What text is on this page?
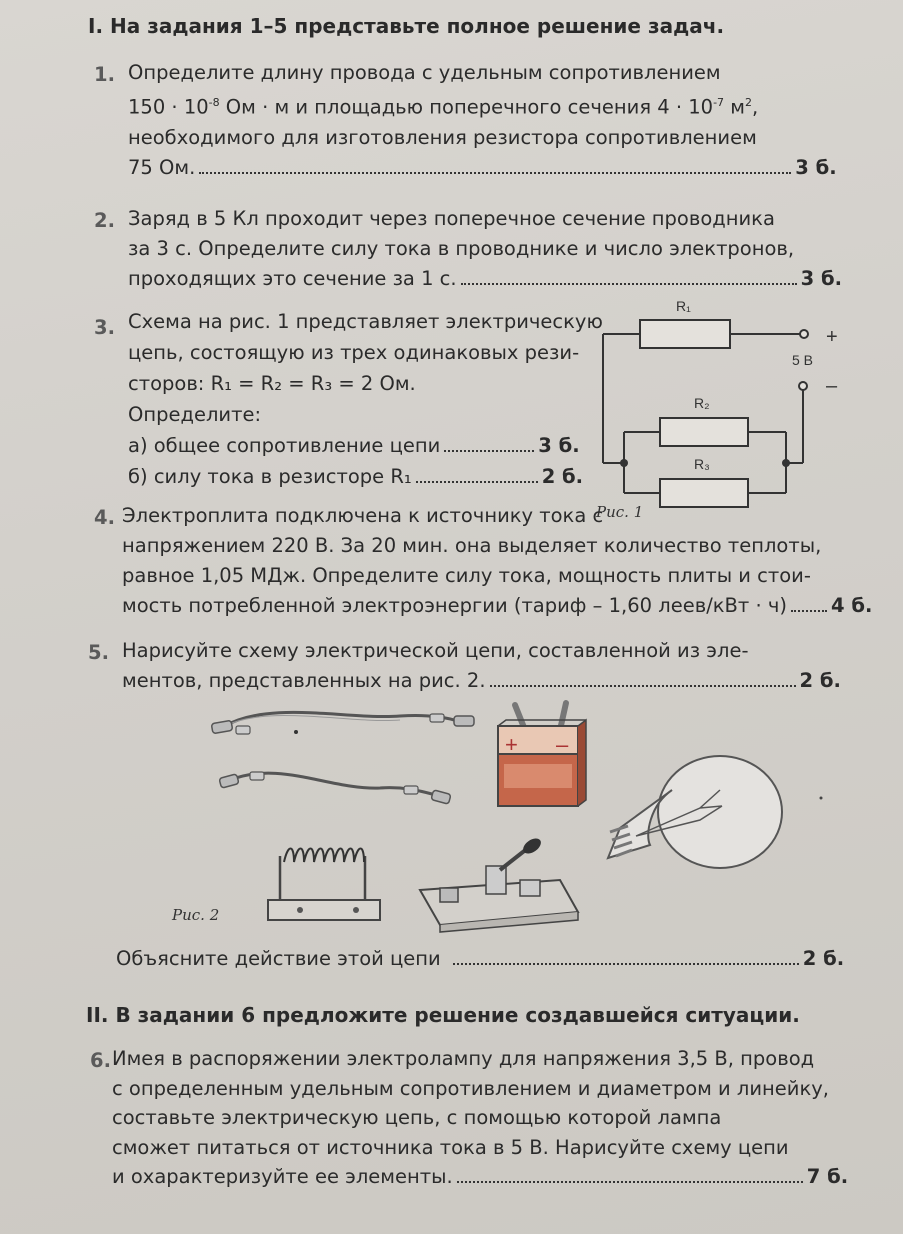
I. На задания 1–5 представьте полное решение задач.
1. Определите длину провода с удельным сопротивлением
$150 \cdot 10^{-8}$ Ом · м и площадью поперечного сечения $4 \cdot 10^{-7}$ $м^2$,
необходимого для изготовления резистора сопротивлением
75 Ом.	3 б.
2. Заряд в 5 Кл проходит через поперечное сечение проводника
за 3 с. Определите силу тока в проводнике и число электронов,
проходящих это сечение за 1 с.	3 б.
3. Схема на рис. 1 представляет электрическую
цепь, состоящую из трех одинаковых рези-
сторов: R₁ = R₂ = R₃ = 2 Ом.
Определите:
а) общее сопротивление цепи	3 б.
б) силу тока в резисторе R₁	2 б.
R₁
R₂
R₃
+
–
5 В
Рис. 1
4. Электроплита подключена к источнику тока с
напряжением 220 В. За 20 мин. она выделяет количество теплоты,
равное 1,05 МДж. Определите силу тока, мощность плиты и стои-
мость потребленной электроэнергии (тариф – 1,60 леев/кВт · ч) 4 б.
5. Нарисуйте схему электрической цепи, составленной из эле-
ментов, представленных на рис. 2.	2 б.
+ –
Рис. 2
Объясните действие этой цепи	2 б.
II. В задании 6 предложите решение создавшейся ситуации.
6. Имея в распоряжении электролампу для напряжения 3,5 В, провод
с определенным удельным сопротивлением и диаметром и линейку,
составьте электрическую цепь, с помощью которой лампа
сможет питаться от источника тока в 5 В. Нарисуйте схему цепи
и охарактеризуйте ее элементы.	7 б.
